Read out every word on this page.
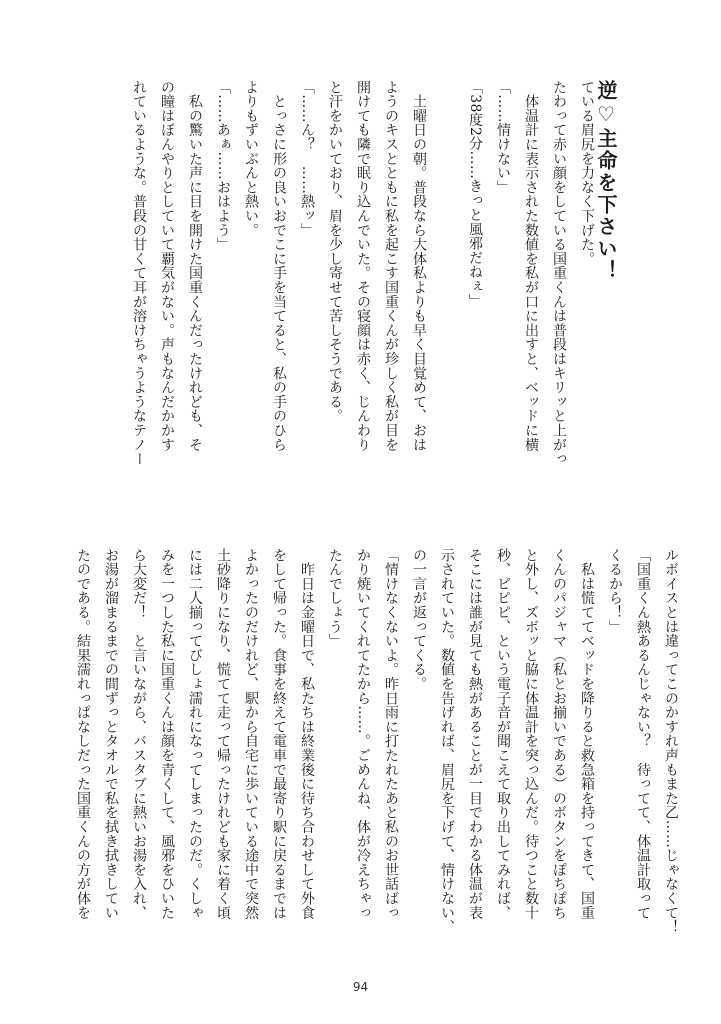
逆♡主命を下さい！
ている眉尻を力なく下げた。
たわって赤い顔をしている国重くんは普段はキリッと上がっ
　体温計に表示された数値を私が口に出すと、ベッドに横
「……情けない」
「38度2分……きっと風邪だねぇ」

　土曜日の朝。普段なら大体私よりも早く目覚めて、おは
ようのキスとともに私を起こす国重くんが珍しく私が目を
開けても隣で眠り込んでいた。その寝顔は赤く、じんわり
と汗をかいており、眉を少し寄せて苦しそうである。
「……ん？　……熱ッ」
　とっさに形の良いおでこに手を当てると、私の手のひら
よりもずいぶんと熱い。
「……あぁ……おはよう」
　私の驚いた声に目を開けた国重くんだったけれども、そ
の瞳はぼんやりとしていて覇気がない。声もなんだかかす
れているような。普段の甘くて耳が溶けちゃうようなテノー
ルボイスとは違ってこのかすれ声もまた乙……じゃなくて！
「国重くん熱あるんじゃない？　待ってて、体温計取って
くるから！」
　私は慌ててベッドを降りると救急箱を持ってきて、国重
くんのパジャマ（私とお揃いである）のボタンをぽちぽち
と外し、ズボッと脇に体温計を突っ込んだ。待つこと数十
秒、ピピピ、という電子音が聞こえて取り出してみれば、
そこには誰が見ても熱があることが一目でわかる体温が表
示されていた。数値を告げれば、眉尻を下げて、情けない、
の一言が返ってくる。
「情けなくないよ。昨日雨に打たれたあと私のお世話ばっ
かり焼いてくれてたから……。ごめんね、体が冷えちゃっ
たんでしょう」
　昨日は金曜日で、私たちは終業後に待ち合わせして外食
をして帰った。食事を終えて電車で最寄り駅に戻るまでは
よかったのだけれど、駅から自宅に歩いている途中で突然
土砂降りになり、慌てて走って帰ったけれども家に着く頃
には二人揃ってびしょ濡れになってしまったのだ。くしゃ
みを一つした私に国重くんは顔を青くして、風邪をひいた
ら大変だ！　と言いながら、バスタブに熱いお湯を入れ、
お湯が溜まるまでの間ずっとタオルで私を拭き拭きしてい
たのである。結果濡れっぱなしだった国重くんの方が体を
94
